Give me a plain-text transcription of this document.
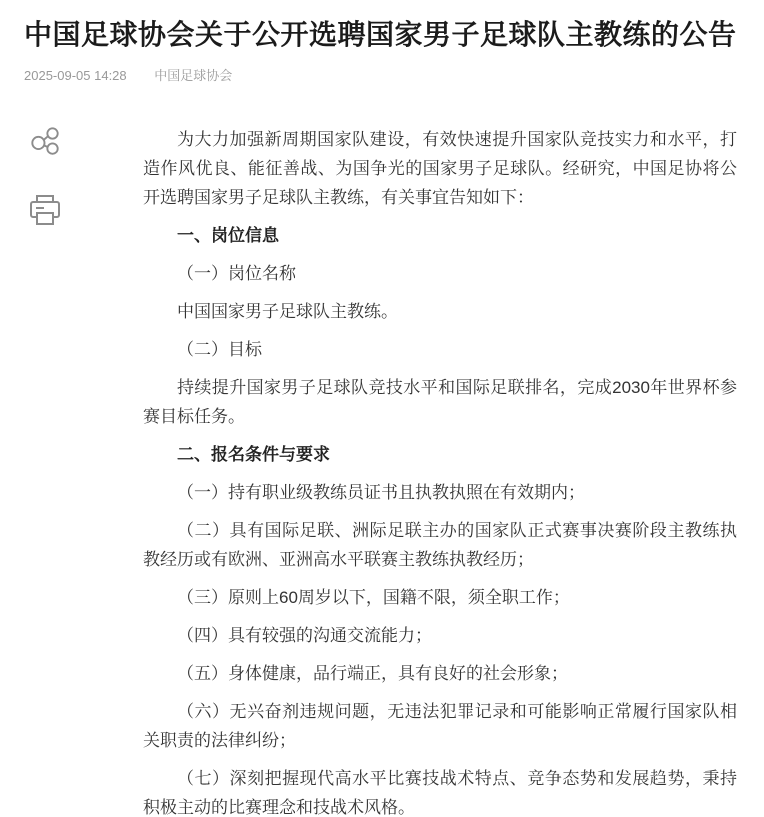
中国足球协会关于公开选聘国家男子足球队主教练的公告
2025-09-05 14:28 中国足球协会

为大力加强新周期国家队建设，有效快速提升国家队竞技实力和水平，打造作风优良、能征善战、为国争光的国家男子足球队。经研究，中国足协将公开选聘国家男子足球队主教练，有关事宜告知如下：

一、岗位信息

（一）岗位名称

中国国家男子足球队主教练。

（二）目标

持续提升国家男子足球队竞技水平和国际足联排名，完成2030年世界杯参赛目标任务。

二、报名条件与要求

（一）持有职业级教练员证书且执教执照在有效期内；

（二）具有国际足联、洲际足联主办的国家队正式赛事决赛阶段主教练执教经历或有欧洲、亚洲高水平联赛主教练执教经历；

（三）原则上60周岁以下，国籍不限，须全职工作；

（四）具有较强的沟通交流能力；

（五）身体健康，品行端正，具有良好的社会形象；

（六）无兴奋剂违规问题，无违法犯罪记录和可能影响正常履行国家队相关职责的法律纠纷；

（七）深刻把握现代高水平比赛技战术特点、竞争态势和发展趋势，秉持积极主动的比赛理念和技战术风格。
